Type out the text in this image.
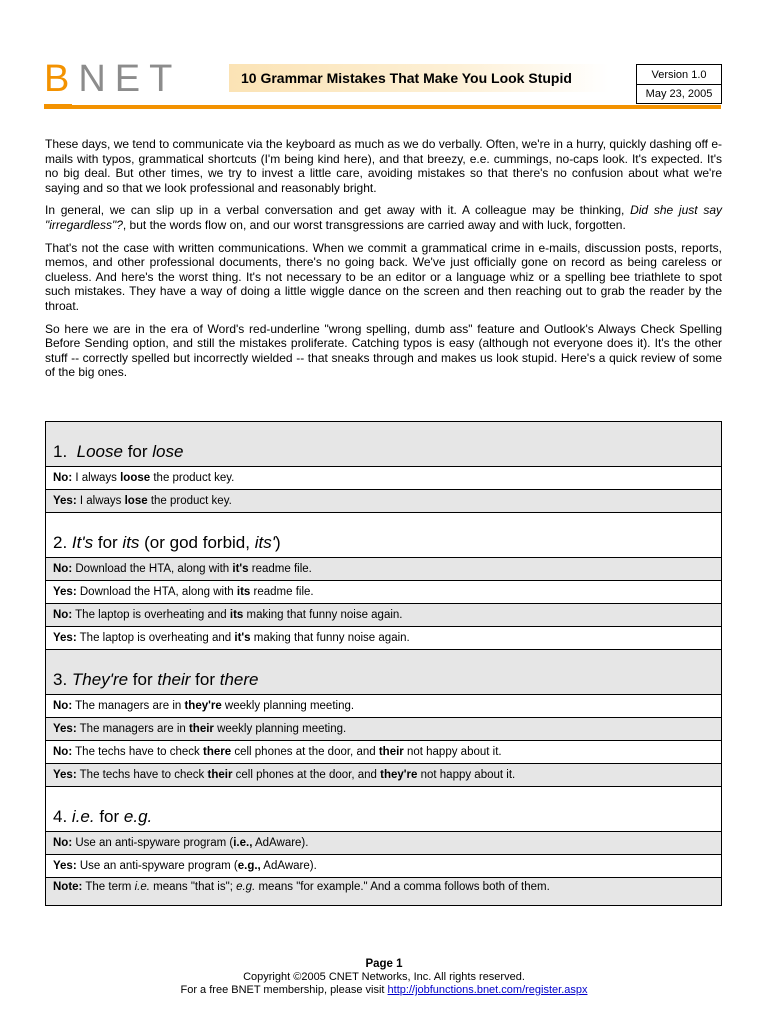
BNET	10 Grammar Mistakes That Make You Look Stupid	Version 1.0
May 23, 2005

These days, we tend to communicate via the keyboard as much as we do verbally. Often, we're in a hurry, quickly dashing off e-mails with typos, grammatical shortcuts (I'm being kind here), and that breezy, e.e. cummings, no-caps look. It's expected. It's no big deal. But other times, we try to invest a little care, avoiding mistakes so that there's no confusion about what we're saying and so that we look professional and reasonably bright.

In general, we can slip up in a verbal conversation and get away with it. A colleague may be thinking, Did she just say "irregardless"?, but the words flow on, and our worst transgressions are carried away and with luck, forgotten.

That's not the case with written communications. When we commit a grammatical crime in e-mails, discussion posts, reports, memos, and other professional documents, there's no going back. We've just officially gone on record as being careless or clueless. And here's the worst thing. It's not necessary to be an editor or a language whiz or a spelling bee triathlete to spot such mistakes. They have a way of doing a little wiggle dance on the screen and then reaching out to grab the reader by the throat.

So here we are in the era of Word's red-underline "wrong spelling, dumb ass" feature and Outlook's Always Check Spelling Before Sending option, and still the mistakes proliferate. Catching typos is easy (although not everyone does it). It's the other stuff -- correctly spelled but incorrectly wielded -- that sneaks through and makes us look stupid. Here's a quick review of some of the big ones.

1. Loose for lose
No: I always loose the product key.
Yes: I always lose the product key.
2. It's for its (or god forbid, its')
No: Download the HTA, along with it's readme file.
Yes: Download the HTA, along with its readme file.
No: The laptop is overheating and its making that funny noise again.
Yes: The laptop is overheating and it's making that funny noise again.
3. They're for their for there
No: The managers are in they're weekly planning meeting.
Yes: The managers are in their weekly planning meeting.
No: The techs have to check there cell phones at the door, and their not happy about it.
Yes: The techs have to check their cell phones at the door, and they're not happy about it.
4. i.e. for e.g.
No: Use an anti-spyware program (i.e., AdAware).
Yes: Use an anti-spyware program (e.g., AdAware).
Note: The term i.e. means "that is"; e.g. means "for example." And a comma follows both of them.
Page 1
Copyright ©2005 CNET Networks, Inc. All rights reserved.
For a free BNET membership, please visit http://jobfunctions.bnet.com/register.aspx
